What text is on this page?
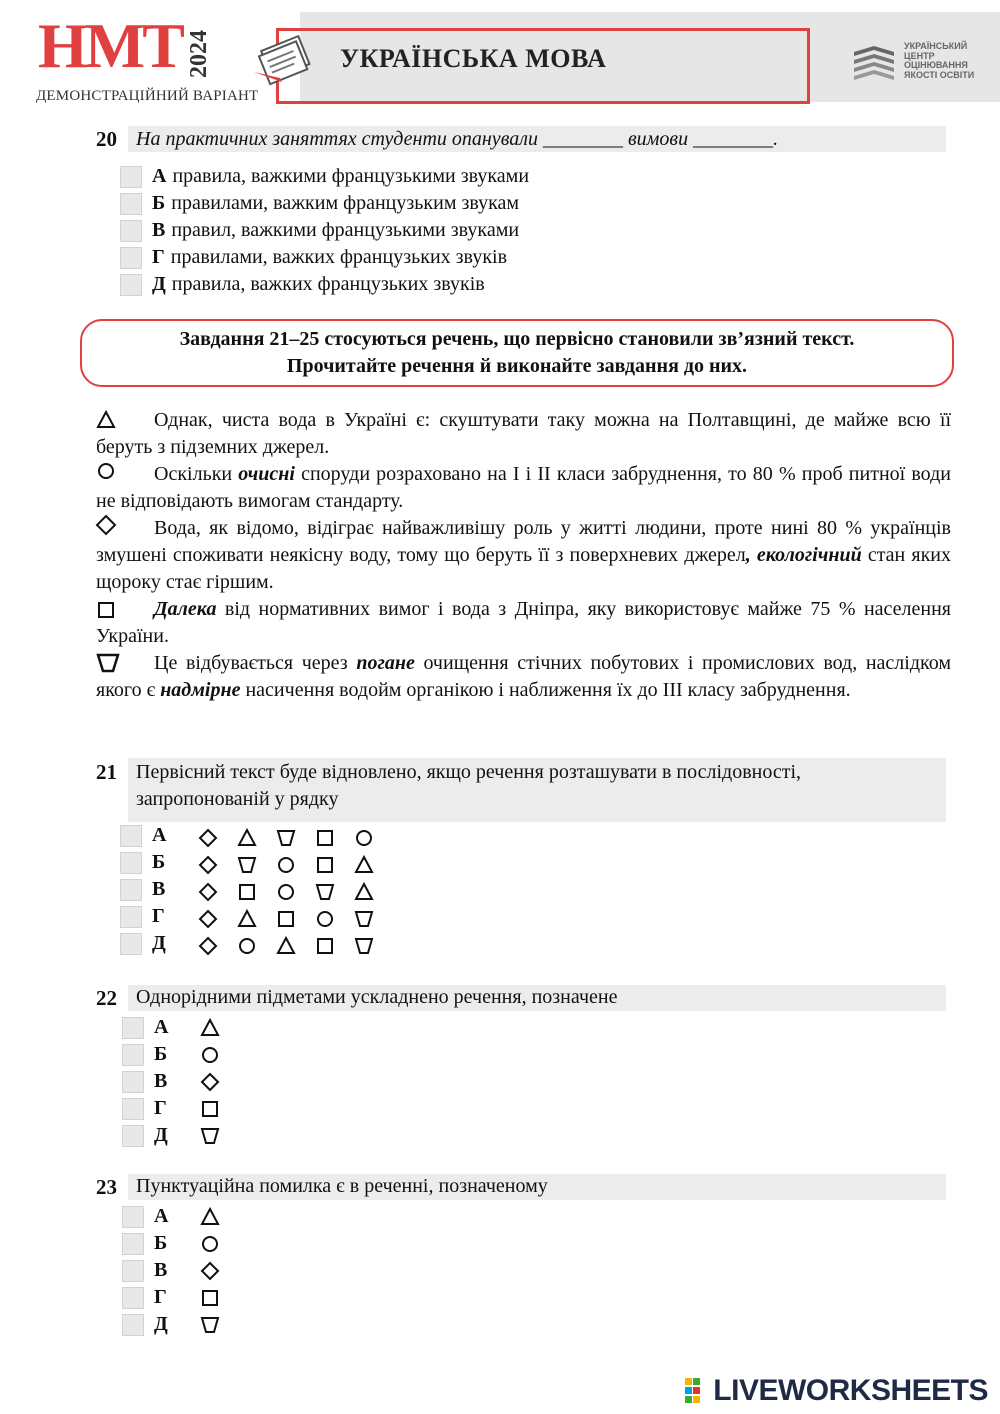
НМТ 2024
ДЕМОНСТРАЦІЙНИЙ ВАРІАНТ
УКРАЇНСЬКА МОВА	УКРАЇНСЬКИЙ
ЦЕНТР
ОЦІНЮВАННЯ
ЯКОСТІ ОСВІТИ
20 На практичних заняттях студенти опанували ________ вимови ________.
А правила, важкими французькими звуками
Б правилами, важким французьким звукам
В правил, важкими французькими звуками
Г правилами, важких французьких звуків
Д правила, важких французьких звуків
Завдання 21–25 стосуються речень, що первісно становили зв’язний текст.
Прочитайте речення й виконайте завдання до них.
Однак, чиста вода в Україні є: скуштувати таку можна на Полтавщині, де майже всю її беруть з підземних джерел.
Оскільки очисні споруди розраховано на I і II класи забруднення, то 80 % проб питної води не відповідають вимогам стандарту.
Вода, як відомо, відіграє найважливішу роль у житті людини, проте нині 80 % українців змушені споживати неякісну воду, тому що беруть її з поверхневих джерел, екологічний стан яких щороку стає гіршим.
Далека від нормативних вимог і вода з Дніпра, яку використовує майже 75 % населення України.
Це відбувається через погане очищення стічних побутових і промислових вод, наслідком якого є надмірне насичення водойм органікою і наближення їх до III класу забруднення.
21 Первісний текст буде відновлено, якщо речення розташувати в послідовності, запропонованій у рядку
А
Б
В
Г
Д
22 Однорідними підметами ускладнено речення, позначене
А
Б
В
Г
Д
23 Пунктуаційна помилка є в реченні, позначеному
А
Б
В
Г
Д
LIVEWORKSHEETS
